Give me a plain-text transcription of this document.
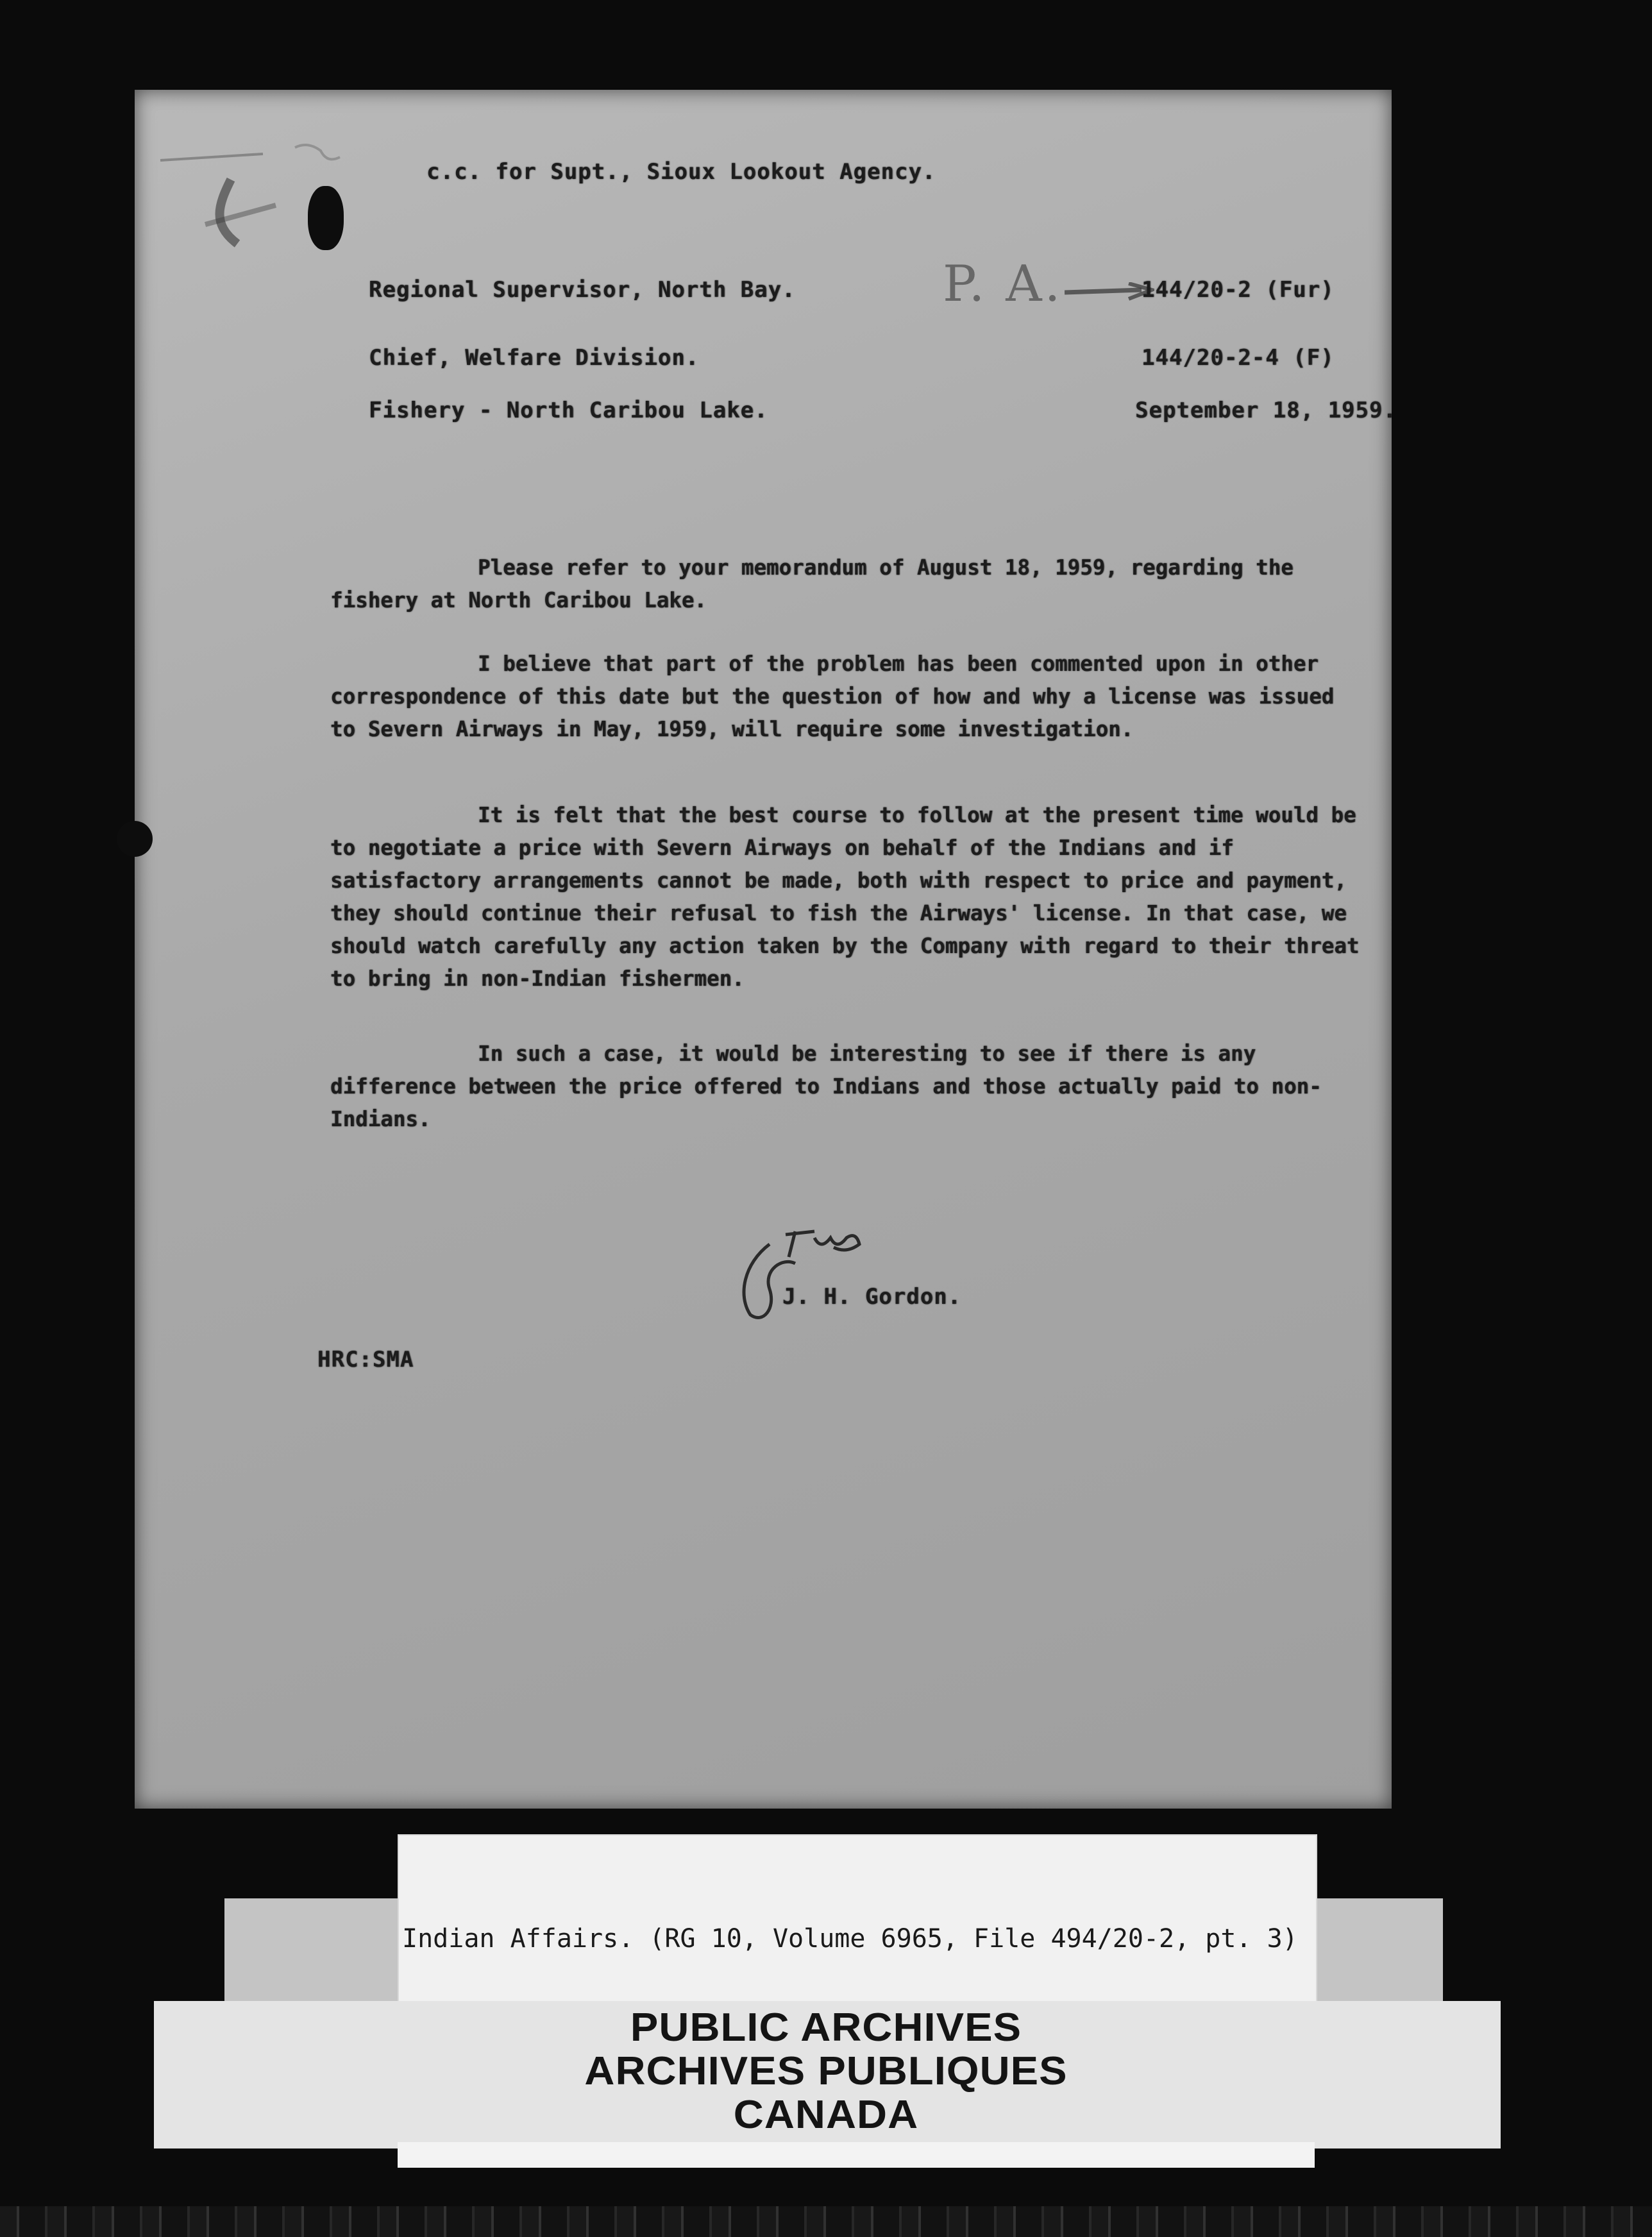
c.c. for Supt., Sioux Lookout Agency.
Regional Supervisor, North Bay.	P. A.	144/20-2 (Fur)
Chief, Welfare Division.	144/20-2-4 (F)
Fishery - North Caribou Lake.	September 18, 1959.
Please refer to your memorandum of August 18, 1959, regarding the fishery at North Caribou Lake.
I believe that part of the problem has been commented upon in other correspondence of this date but the question of how and why a license was issued to Severn Airways in May, 1959, will require some investigation.
It is felt that the best course to follow at the present time would be to negotiate a price with Severn Airways on behalf of the Indians and if satisfactory arrangements cannot be made, both with respect to price and payment, they should continue their refusal to fish the Airways' license. In that case, we should watch carefully any action taken by the Company with regard to their threat to bring in non-Indian fishermen.
In such a case, it would be interesting to see if there is any difference between the price offered to Indians and those actually paid to non-Indians.
J. H. Gordon.
HRC:SMA
Indian Affairs. (RG 10, Volume 6965, File 494/20-2, pt. 3)
PUBLIC ARCHIVES
ARCHIVES PUBLIQUES
CANADA
